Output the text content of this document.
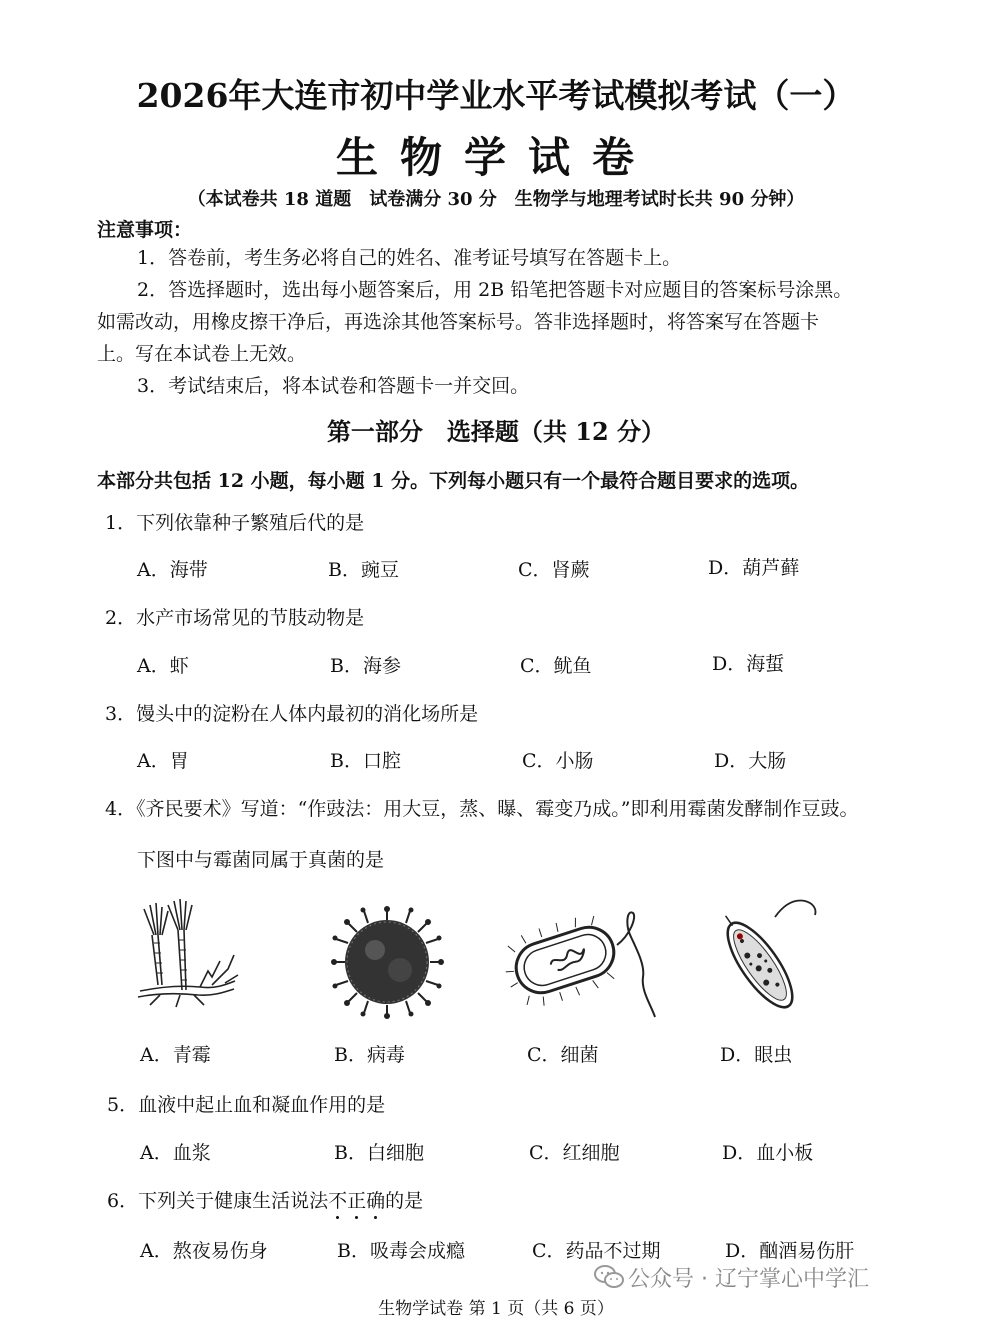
2026年大连市初中学业水平考试模拟考试（一）
生物学试卷
（本试卷共 18 道题　试卷满分 30 分　生物学与地理考试时长共 90 分钟）
注意事项：
1．答卷前，考生务必将自己的姓名、准考证号填写在答题卡上。
2．答选择题时，选出每小题答案后，用 2B 铅笔把答题卡对应题目的答案标号涂黑。
如需改动，用橡皮擦干净后，再选涂其他答案标号。答非选择题时，将答案写在答题卡
上。写在本试卷上无效。
3．考试结束后，将本试卷和答题卡一并交回。
第一部分　选择题（共 12 分）
本部分共包括 12 小题，每小题 1 分。下列每小题只有一个最符合题目要求的选项。
1．下列依靠种子繁殖后代的是
A．海带	B．豌豆	C．肾蕨	D．葫芦藓
2．水产市场常见的节肢动物是
A．虾	B．海参	C．鱿鱼	D．海蜇
3．馒头中的淀粉在人体内最初的消化场所是
A．胃	B．口腔	C．小肠	D．大肠
4．《齐民要术》写道：“作豉法：用大豆，蒸、曝、霉变乃成。”即利用霉菌发酵制作豆豉。
下图中与霉菌同属于真菌的是
A．青霉	B．病毒	C．细菌	D．眼虫
5．血液中起止血和凝血作用的是
A．血浆	B．白细胞	C．红细胞	D．血小板
6．下列关于健康生活说法不正确的是
A．熬夜易伤身	B．吸毒会成瘾	C．药品不过期	D．酗酒易伤肝
公众号 · 辽宁掌心中学汇
生物学试卷 第 1 页（共 6 页）
